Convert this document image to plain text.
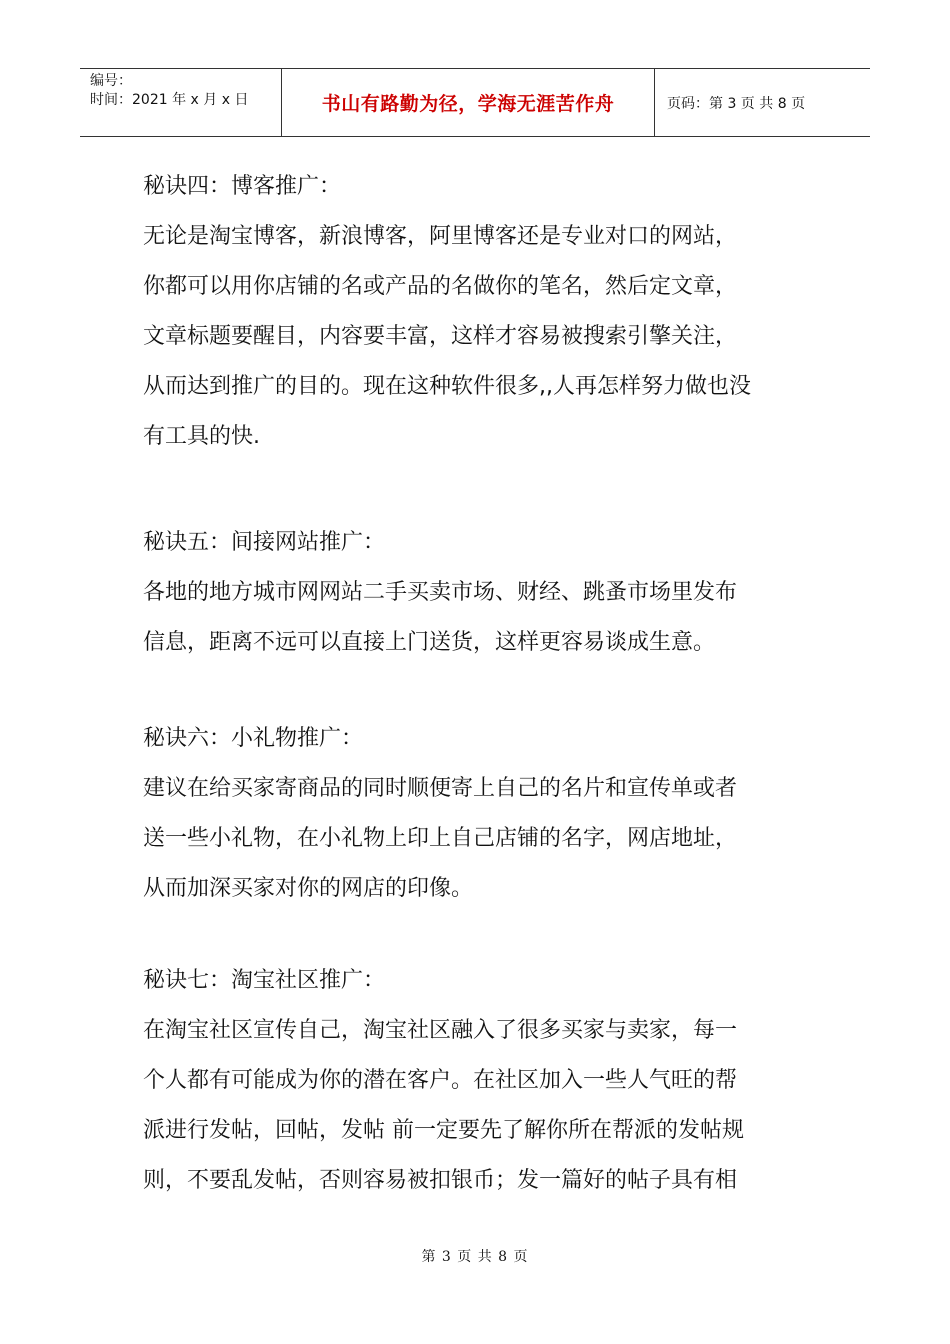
编号：
时间：2021 年 x 月 x 日	书山有路勤为径，学海无涯苦作舟	页码：第 3 页 共 8 页

秘诀四：博客推广：

无论是淘宝博客，新浪博客，阿里博客还是专业对口的网站，

你都可以用你店铺的名或产品的名做你的笔名，然后定文章，

文章标题要醒目，内容要丰富，这样才容易被搜索引擎关注，

从而达到推广的目的。现在这种软件很多,,人再怎样努力做也没

有工具的快.

秘诀五：间接网站推广：

各地的地方城市网网站二手买卖市场、财经、跳蚤市场里发布

信息，距离不远可以直接上门送货，这样更容易谈成生意。

秘诀六：小礼物推广：

建议在给买家寄商品的同时顺便寄上自己的名片和宣传单或者

送一些小礼物，在小礼物上印上自己店铺的名字，网店地址，

从而加深买家对你的网店的印像。

秘诀七：淘宝社区推广：

在淘宝社区宣传自己，淘宝社区融入了很多买家与卖家，每一

个人都有可能成为你的潜在客户。在社区加入一些人气旺的帮

派进行发帖，回帖，发帖 前一定要先了解你所在帮派的发帖规

则，不要乱发帖，否则容易被扣银币；发一篇好的帖子具有相

第 3 页 共 8 页
